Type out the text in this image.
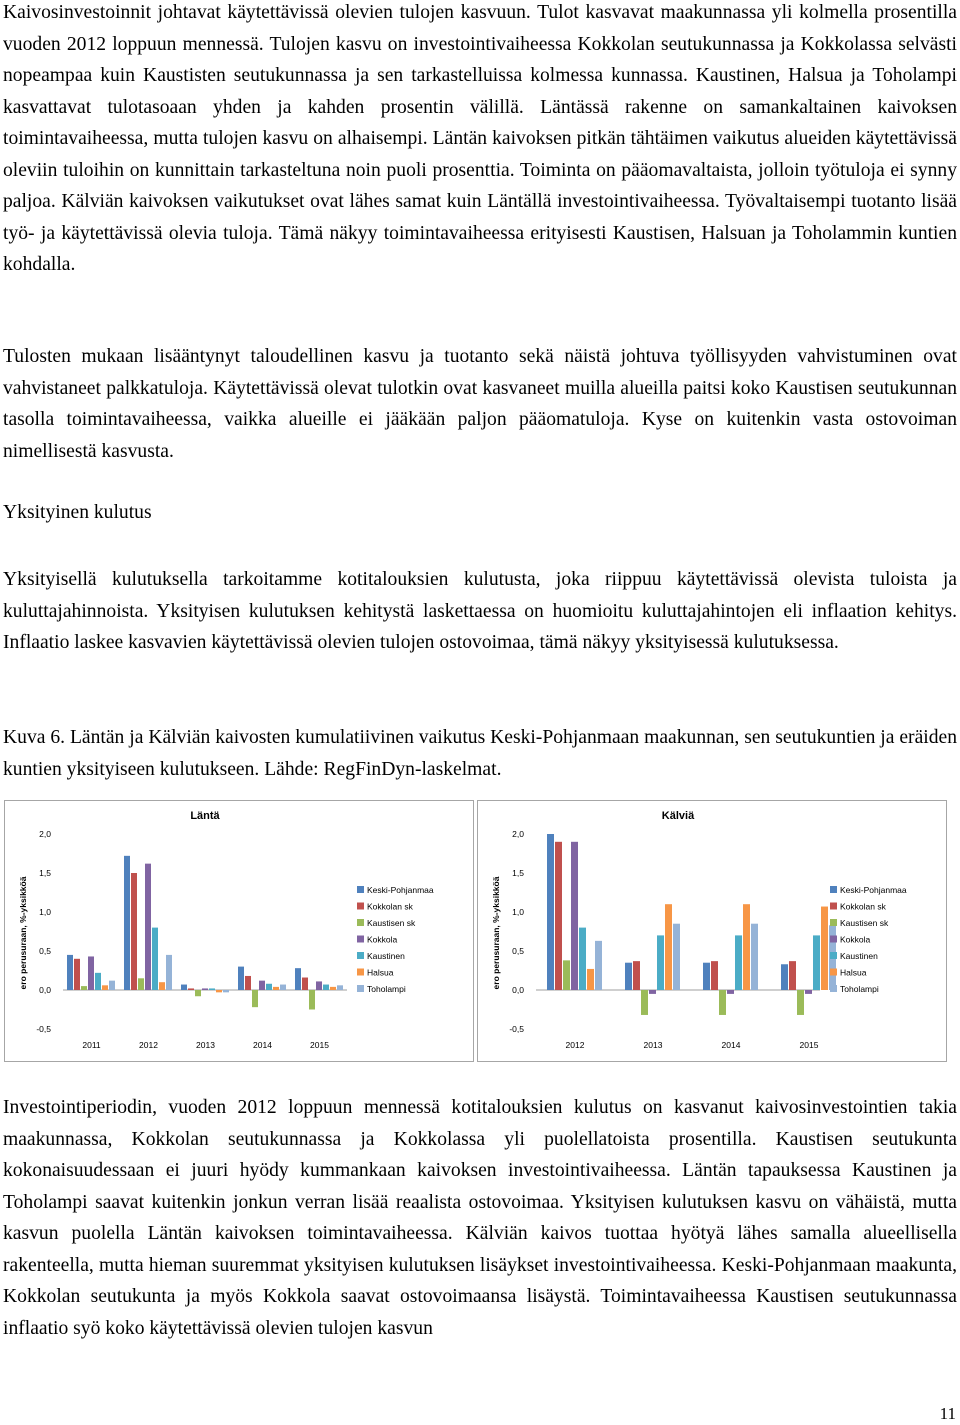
Kaivosinvestoinnit johtavat käytettävissä olevien tulojen kasvuun. Tulot kasvavat maakunnassa yli kolmella prosentilla vuoden 2012 loppuun mennessä. Tulojen kasvu on investointivaiheessa Kokkolan seutukunnassa ja Kokkolassa selvästi nopeampaa kuin Kaustisten seutukunnassa ja sen tarkastelluissa kolmessa kunnassa. Kaustinen, Halsua ja Toholampi kasvattavat tulotasoaan yhden ja kahden prosentin välillä. Läntässä rakenne on samankaltainen kaivoksen toimintavaiheessa, mutta tulojen kasvu on alhaisempi. Läntän kaivoksen pitkän tähtäimen vaikutus alueiden käytettävissä oleviin tuloihin on kunnittain tarkasteltuna noin puoli prosenttia. Toiminta on pääomavaltaista, jolloin työtuloja ei synny paljoa. Kälviän kaivoksen vaikutukset ovat lähes samat kuin Läntällä investointivaiheessa. Työvaltaisempi tuotanto lisää työ- ja käytettävissä olevia tuloja. Tämä näkyy toimintavaiheessa erityisesti Kaustisen, Halsuan ja Toholammin kuntien kohdalla.

Tulosten mukaan lisääntynyt taloudellinen kasvu ja tuotanto sekä näistä johtuva työllisyyden vahvistuminen ovat vahvistaneet palkkatuloja. Käytettävissä olevat tulotkin ovat kasvaneet muilla alueilla paitsi koko Kaustisen seutukunnan tasolla toimintavaiheessa, vaikka alueille ei jääkään paljon pääomatuloja. Kyse on kuitenkin vasta ostovoiman nimellisestä kasvusta.

Yksityinen kulutus

Yksityisellä kulutuksella tarkoitamme kotitalouksien kulutusta, joka riippuu käytettävissä olevista tuloista ja kuluttajahinnoista. Yksityisen kulutuksen kehitystä laskettaessa on huomioitu kuluttajahintojen eli inflaation kehitys. Inflaatio laskee kasvavien käytettävissä olevien tulojen ostovoimaa, tämä näkyy yksityisessä kulutuksessa.

Kuva 6. Läntän ja Kälviän kaivosten kumulatiivinen vaikutus Keski-Pohjanmaan maakunnan, sen seutukuntien ja eräiden kuntien yksityiseen kulutukseen. Lähde: RegFinDyn-laskelmat.

Läntä
ero perusuraan, %-yksikköä
2,0
1,5
1,0
0,5
0,0
-0,5
2011	2012	2013	2014	2015
Keski-Pohjanmaa
Kokkolan sk
Kaustisen sk
Kokkola
Kaustinen
Halsua
Toholampi
Kälviä
ero perusuraan, %-yksikköä
2,0
1,5
1,0
0,5
0,0
-0,5
2012	2013	2014	2015
Keski-Pohjanmaa
Kokkolan sk
Kaustisen sk
Kokkola
Kaustinen
Halsua
Toholampi

Investointiperiodin, vuoden 2012 loppuun mennessä kotitalouksien kulutus on kasvanut kaivosinvestointien takia maakunnassa, Kokkolan seutukunnassa ja Kokkolassa yli puolellatoista prosentilla. Kaustisen seutukunta kokonaisuudessaan ei juuri hyödy kummankaan kaivoksen investointivaiheessa. Läntän tapauksessa Kaustinen ja Toholampi saavat kuitenkin jonkun verran lisää reaalista ostovoimaa. Yksityisen kulutuksen kasvu on vähäistä, mutta kasvun puolella Läntän kaivoksen toimintavaiheessa. Kälviän kaivos tuottaa hyötyä lähes samalla alueellisella rakenteella, mutta hieman suuremmat yksityisen kulutuksen lisäykset investointivaiheessa. Keski-Pohjanmaan maakunta, Kokkolan seutukunta ja myös Kokkola saavat ostovoimaansa lisäystä. Toimintavaiheessa Kaustisen seutukunnassa inflaatio syö koko käytettävissä olevien tulojen kasvun

11
